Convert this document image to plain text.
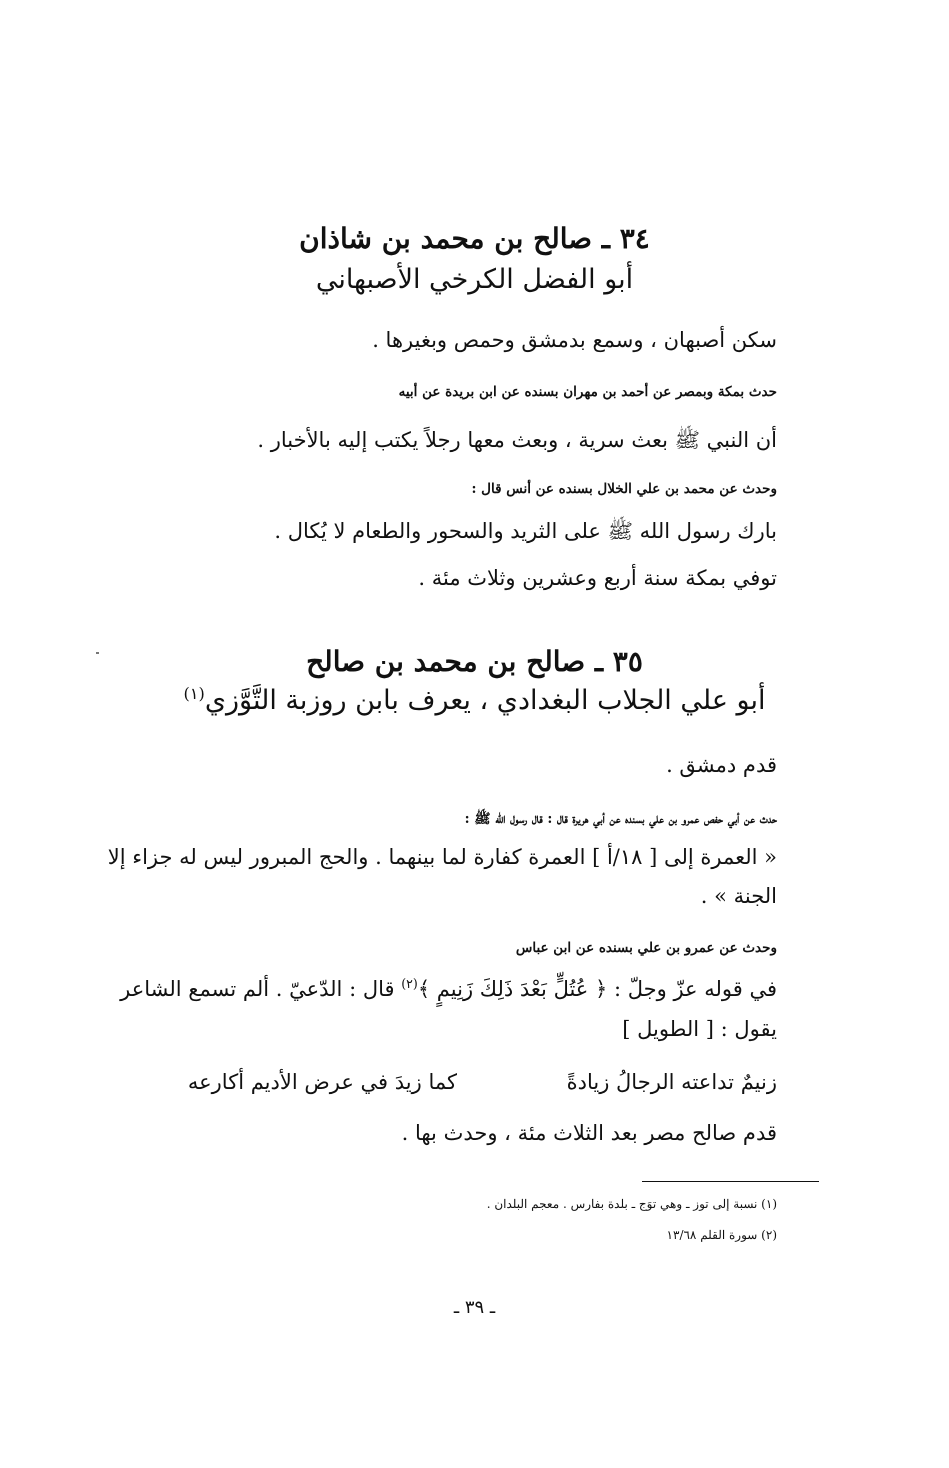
٣٤ ـ صالح بن محمد بن شاذان
أبو الفضل الكرخي الأصبهاني

سكن أصبهان ، وسمع بدمشق وحمص وبغيرها .

حدث بمكة وبمصر عن أحمد بن مهران بسنده عن ابن بريدة عن أبيه

أن النبي ﷺ بعث سرية ، وبعث معها رجلاً يكتب إليه بالأخبار .

وحدث عن محمد بن علي الخلال بسنده عن أنس قال :

بارك رسول الله ﷺ على الثريد والسحور والطعام لا يُكال .

توفي بمكة سنة أربع وعشرين وثلاث مئة .

٣٥ ـ صالح بن محمد بن صالح
أبو علي الجلاب البغدادي ، يعرف بابن روزبة التَّوَّزي$^{(١)}$

قدم دمشق .

حدث عن أبي حفص عمرو بن علي بسنده عن أبي هريرة قال : قال رسول الله ﷺ :

« العمرة إلى [ ١٨/أ ] العمرة كفارة لما بينهما . والحج المبرور ليس له جزاء إلا

الجنة » .

وحدث عن عمرو بن علي بسنده عن ابن عباس

في قوله عزّ وجلّ : ﴿ عُتُلٍّ بَعْدَ ذَلِكَ زَنِيمٍ ﴾$^{(٢)}$ قال : الدّعيّ . ألم تسمع الشاعر

يقول : [ الطويل ]

زنيمٌ تداعته الرجالُ زيادةً

كما زيدَ في عرض الأديم أكارعه

قدم صالح مصر بعد الثلاث مئة ، وحدث بها .

(١) نسبة إلى توز ـ وهي توَج ـ بلدة بفارس . معجم البلدان .

(٢) سورة القلم ١٣/٦٨

ـ ٣٩ ـ
